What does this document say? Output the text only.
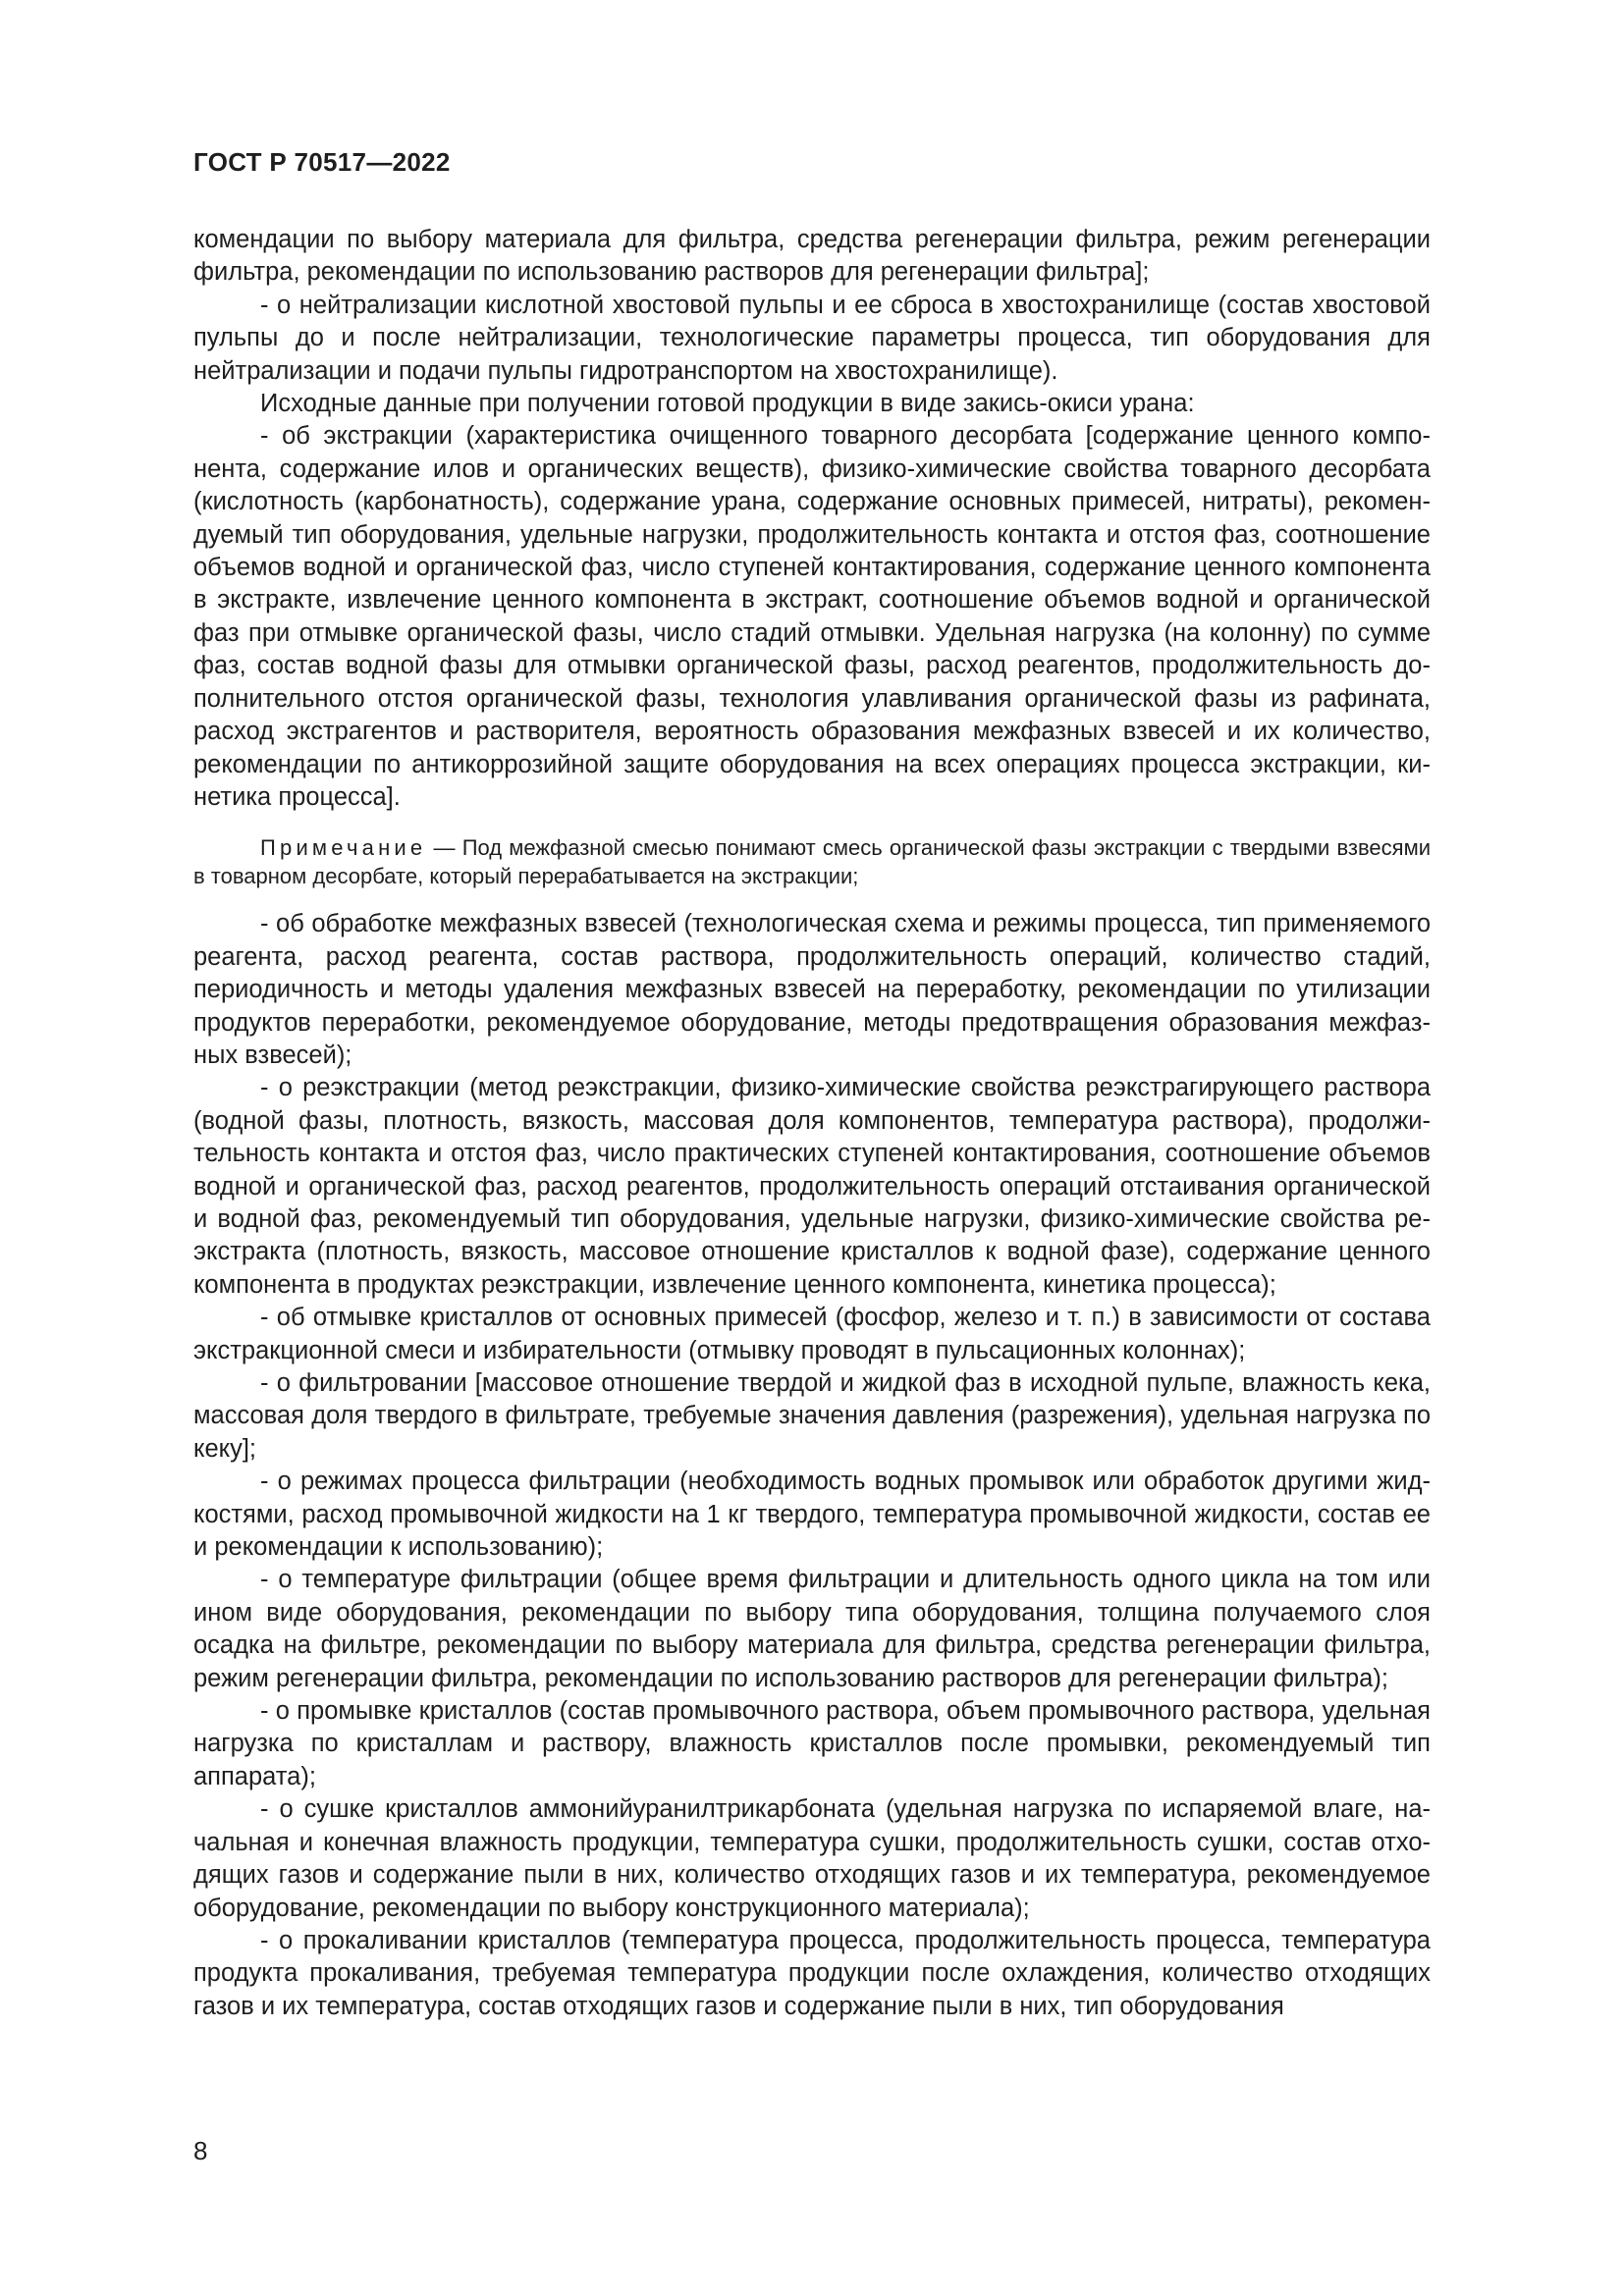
ГОСТ Р 70517—2022

комендации по выбору материала для фильтра, средства регенерации фильтра, режим регенерации фильтра, рекомендации по использованию растворов для регенерации фильтра];

- о нейтрализации кислотной хвостовой пульпы и ее сброса в хвостохранилище (состав хвостовой пульпы до и после нейтрализации, технологические параметры процесса, тип оборудования для нейтрализации и подачи пульпы гидротранспортом на хвостохранилище).

Исходные данные при получении готовой продукции в виде закись-окиси урана:

- об экстракции (характеристика очищенного товарного десорбата [содержание ценного компонента, содержание илов и органических веществ), физико-химические свойства товарного десорбата (кислотность (карбонатность), содержание урана, содержание основных примесей, нитраты), рекомендуемый тип оборудования, удельные нагрузки, продолжительность контакта и отстоя фаз, соотношение объемов водной и органической фаз, число ступеней контактирования, содержание ценного компонента в экстракте, извлечение ценного компонента в экстракт, соотношение объемов водной и органической фаз при отмывке органической фазы, число стадий отмывки. Удельная нагрузка (на колонну) по сумме фаз, состав водной фазы для отмывки органической фазы, расход реагентов, продолжительность дополнительного отстоя органической фазы, технология улавливания органической фазы из рафината, расход экстрагентов и растворителя, вероятность образования межфазных взвесей и их количество, рекомендации по антикоррозийной защите оборудования на всех операциях процесса экстракции, кинетика процесса].

Примечание — Под межфазной смесью понимают смесь органической фазы экстракции с твердыми взвесями в товарном десорбате, который перерабатывается на экстракции;

- об обработке межфазных взвесей (технологическая схема и режимы процесса, тип применяемого реагента, расход реагента, состав раствора, продолжительность операций, количество стадий, периодичность и методы удаления межфазных взвесей на переработку, рекомендации по утилизации продуктов переработки, рекомендуемое оборудование, методы предотвращения образования межфазных взвесей);

- о реэкстракции (метод реэкстракции, физико-химические свойства реэкстрагирующего раствора (водной фазы, плотность, вязкость, массовая доля компонентов, температура раствора), продолжительность контакта и отстоя фаз, число практических ступеней контактирования, соотношение объемов водной и органической фаз, расход реагентов, продолжительность операций отстаивания органической и водной фаз, рекомендуемый тип оборудования, удельные нагрузки, физико-химические свойства реэкстракта (плотность, вязкость, массовое отношение кристаллов к водной фазе), содержание ценного компонента в продуктах реэкстракции, извлечение ценного компонента, кинетика процесса);

- об отмывке кристаллов от основных примесей (фосфор, железо и т. п.) в зависимости от состава экстракционной смеси и избирательности (отмывку проводят в пульсационных колоннах);

- о фильтровании [массовое отношение твердой и жидкой фаз в исходной пульпе, влажность кека, массовая доля твердого в фильтрате, требуемые значения давления (разрежения), удельная нагрузка по кеку];

- о режимах процесса фильтрации (необходимость водных промывок или обработок другими жидкостями, расход промывочной жидкости на 1 кг твердого, температура промывочной жидкости, состав ее и рекомендации к использованию);

- о температуре фильтрации (общее время фильтрации и длительность одного цикла на том или ином виде оборудования, рекомендации по выбору типа оборудования, толщина получаемого слоя осадка на фильтре, рекомендации по выбору материала для фильтра, средства регенерации фильтра, режим регенерации фильтра, рекомендации по использованию растворов для регенерации фильтра);

- о промывке кристаллов (состав промывочного раствора, объем промывочного раствора, удельная нагрузка по кристаллам и раствору, влажность кристаллов после промывки, рекомендуемый тип аппарата);

- о сушке кристаллов аммонийуранилтрикарбоната (удельная нагрузка по испаряемой влаге, начальная и конечная влажность продукции, температура сушки, продолжительность сушки, состав отходящих газов и содержание пыли в них, количество отходящих газов и их температура, рекомендуемое оборудование, рекомендации по выбору конструкционного материала);

- о прокаливании кристаллов (температура процесса, продолжительность процесса, температура продукта прокаливания, требуемая температура продукции после охлаждения, количество отходящих газов и их температура, состав отходящих газов и содержание пыли в них, тип оборудования

8
